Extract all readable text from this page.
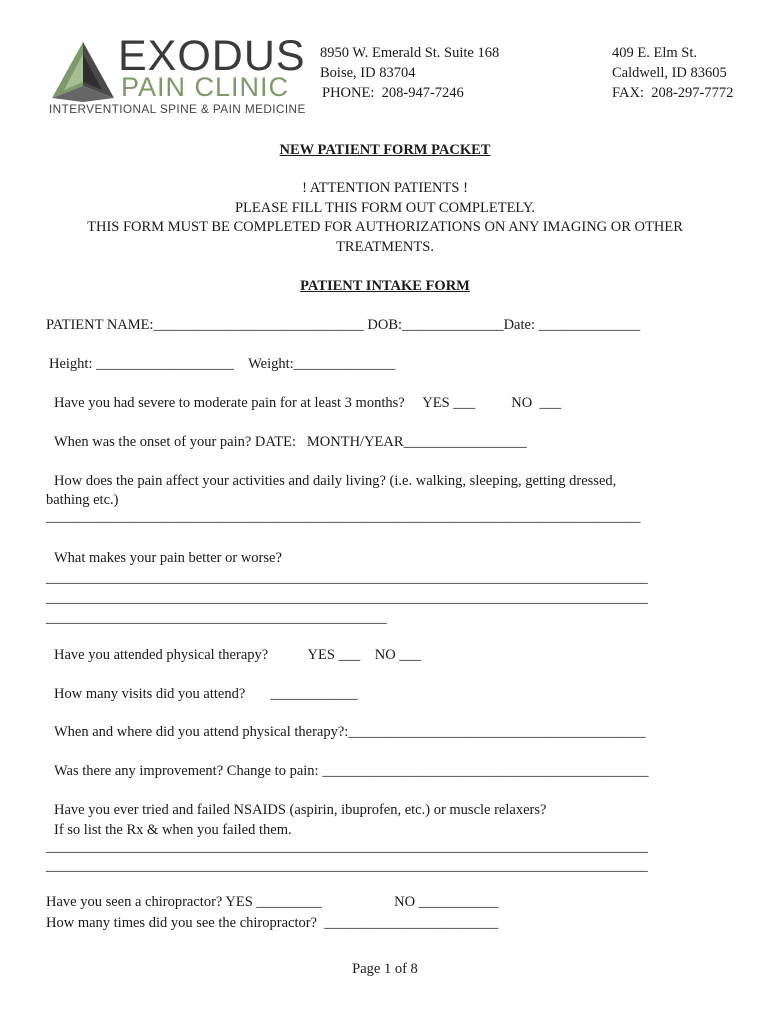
EXODUS
PAIN CLINIC
INTERVENTIONAL SPINE & PAIN MEDICINE
8950 W. Emerald St. Suite 168
Boise, ID 83704
PHONE:  208-947-7246
409 E. Elm St.
Caldwell, ID 83605
FAX:  208-297-7772
NEW PATIENT FORM PACKET
! ATTENTION PATIENTS !
PLEASE FILL THIS FORM OUT COMPLETELY.
THIS FORM MUST BE COMPLETED FOR AUTHORIZATIONS ON ANY IMAGING OR OTHER
TREATMENTS.
PATIENT INTAKE FORM
PATIENT NAME:_____________________________ DOB:______________Date: ______________
Height: ___________________    Weight:______________
Have you had severe to moderate pain for at least 3 months?     YES ___          NO  ___
When was the onset of your pain? DATE:   MONTH/YEAR_________________
How does the pain affect your activities and daily living? (i.e. walking, sleeping, getting dressed,
bathing etc.)
__________________________________________________________________________________
What makes your pain better or worse?
___________________________________________________________________________________
___________________________________________________________________________________
_______________________________________________
Have you attended physical therapy?           YES ___    NO ___
How many visits did you attend?       ____________
When and where did you attend physical therapy?:_________________________________________
Was there any improvement? Change to pain: _____________________________________________
Have you ever tried and failed NSAIDS (aspirin, ibuprofen, etc.) or muscle relaxers?
If so list the Rx & when you failed them.
___________________________________________________________________________________
___________________________________________________________________________________
Have you seen a chiropractor? YES _________                    NO ___________
How many times did you see the chiropractor?  ________________________
Page 1 of 8
